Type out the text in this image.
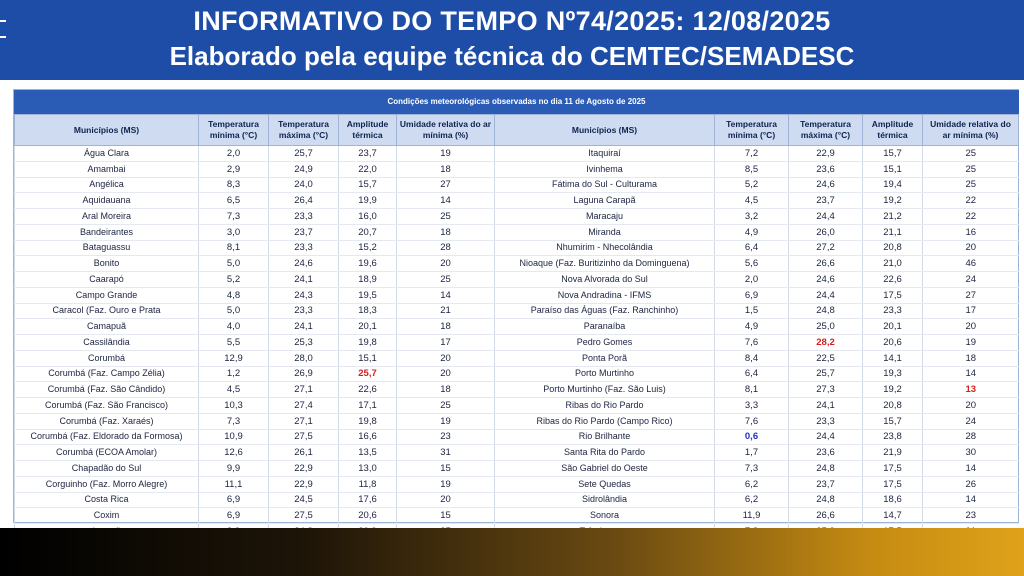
INFORMATIVO DO TEMPO Nº74/2025: 12/08/2025
Elaborado pela equipe técnica do CEMTEC/SEMADESC
Condições meteorológicas observadas no dia 11 de Agosto de 2025
Municípios (MS)	Temperatura mínima (°C)	Temperatura máxima (°C)	Amplitude térmica	Umidade relativa do ar mínima (%)	Municípios (MS)	Temperatura mínima (°C)	Temperatura máxima (°C)	Amplitude térmica	Umidade relativa do ar mínima (%)
Água Clara	2,0	25,7	23,7	19	Itaquiraí	7,2	22,9	15,7	25
Amambai	2,9	24,9	22,0	18	Ivinhema	8,5	23,6	15,1	25
Angélica	8,3	24,0	15,7	27	Fátima do Sul - Culturama	5,2	24,6	19,4	25
Aquidauana	6,5	26,4	19,9	14	Laguna Carapã	4,5	23,7	19,2	22
Aral Moreira	7,3	23,3	16,0	25	Maracaju	3,2	24,4	21,2	22
Bandeirantes	3,0	23,7	20,7	18	Miranda	4,9	26,0	21,1	16
Bataguassu	8,1	23,3	15,2	28	Nhumirim - Nhecolândia	6,4	27,2	20,8	20
Bonito	5,0	24,6	19,6	20	Nioaque (Faz. Buritizinho da Dominguena)	5,6	26,6	21,0	46
Caarapó	5,2	24,1	18,9	25	Nova Alvorada do Sul	2,0	24,6	22,6	24
Campo Grande	4,8	24,3	19,5	14	Nova Andradina - IFMS	6,9	24,4	17,5	27
Caracol (Faz. Ouro e Prata	5,0	23,3	18,3	21	Paraíso das Águas (Faz. Ranchinho)	1,5	24,8	23,3	17
Camapuã	4,0	24,1	20,1	18	Paranaíba	4,9	25,0	20,1	20
Cassilândia	5,5	25,3	19,8	17	Pedro Gomes	7,6	28,2	20,6	19
Corumbá	12,9	28,0	15,1	20	Ponta Porã	8,4	22,5	14,1	18
Corumbá (Faz. Campo Zélia)	1,2	26,9	25,7	20	Porto Murtinho	6,4	25,7	19,3	14
Corumbá (Faz. São Cândido)	4,5	27,1	22,6	18	Porto Murtinho (Faz. São Luis)	8,1	27,3	19,2	13
Corumbá (Faz. São Francisco)	10,3	27,4	17,1	25	Ribas do Rio Pardo	3,3	24,1	20,8	20
Corumbá (Faz. Xaraés)	7,3	27,1	19,8	19	Ribas do Rio Pardo (Campo Rico)	7,6	23,3	15,7	24
Corumbá (Faz. Eldorado da Formosa)	10,9	27,5	16,6	23	Rio Brilhante	0,6	24,4	23,8	28
Corumbá (ECOA Amolar)	12,6	26,1	13,5	31	Santa Rita do Pardo	1,7	23,6	21,9	30
Chapadão do Sul	9,9	22,9	13,0	15	São Gabriel do Oeste	7,3	24,8	17,5	14
Corguinho (Faz. Morro Alegre)	11,1	22,9	11,8	19	Sete Quedas	6,2	23,7	17,5	26
Costa Rica	6,9	24,5	17,6	20	Sidrolândia	6,2	24,8	18,6	14
Coxim	6,9	27,5	20,6	15	Sonora	11,9	26,6	14,7	23
